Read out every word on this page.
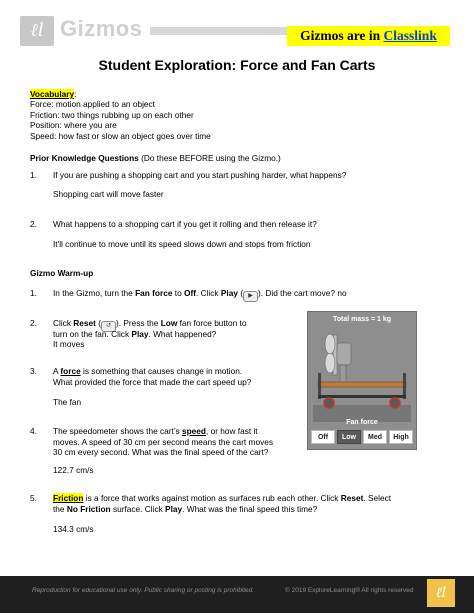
ℓl Gizmos	Gizmos are in Classlink
Student Exploration: Force and Fan Carts
Vocabulary:
Force: motion applied to an object
Friction: two things rubbing up on each other
Position: where you are
Speed: how fast or slow an object goes over time
Prior Knowledge Questions (Do these BEFORE using the Gizmo.)
1. If you are pushing a shopping cart and you start pushing harder, what happens?
Shopping cart will move faster
2. What happens to a shopping cart if you get it rolling and then release it?
It'll continue to move until its speed slows down and stops from friction
Gizmo Warm-up
1. In the Gizmo, turn the Fan force to Off. Click Play ( ▶ ). Did the cart move? no
2. Click Reset ( ↺ ). Press the Low fan force button to
turn on the fan. Click Play. What happened?
It moves
3. A force is something that causes change in motion.
What provided the force that made the cart speed up?
The fan
4. The speedometer shows the cart’s speed, or how fast it
moves. A speed of 30 cm per second means the cart moves
30 cm every second. What was the final speed of the cart?
122.7 cm/s
5. Friction is a force that works against motion as surfaces rub each other. Click Reset. Select
the No Friction surface. Click Play. What was the final speed this time?
134.3 cm/s
Total mass = 1 kg
Fan force
Off	Low	Med	High
Reproduction for educational use only. Public sharing or posting is prohibited.	© 2019 ExploreLearning® All rights reserved	ℓl
